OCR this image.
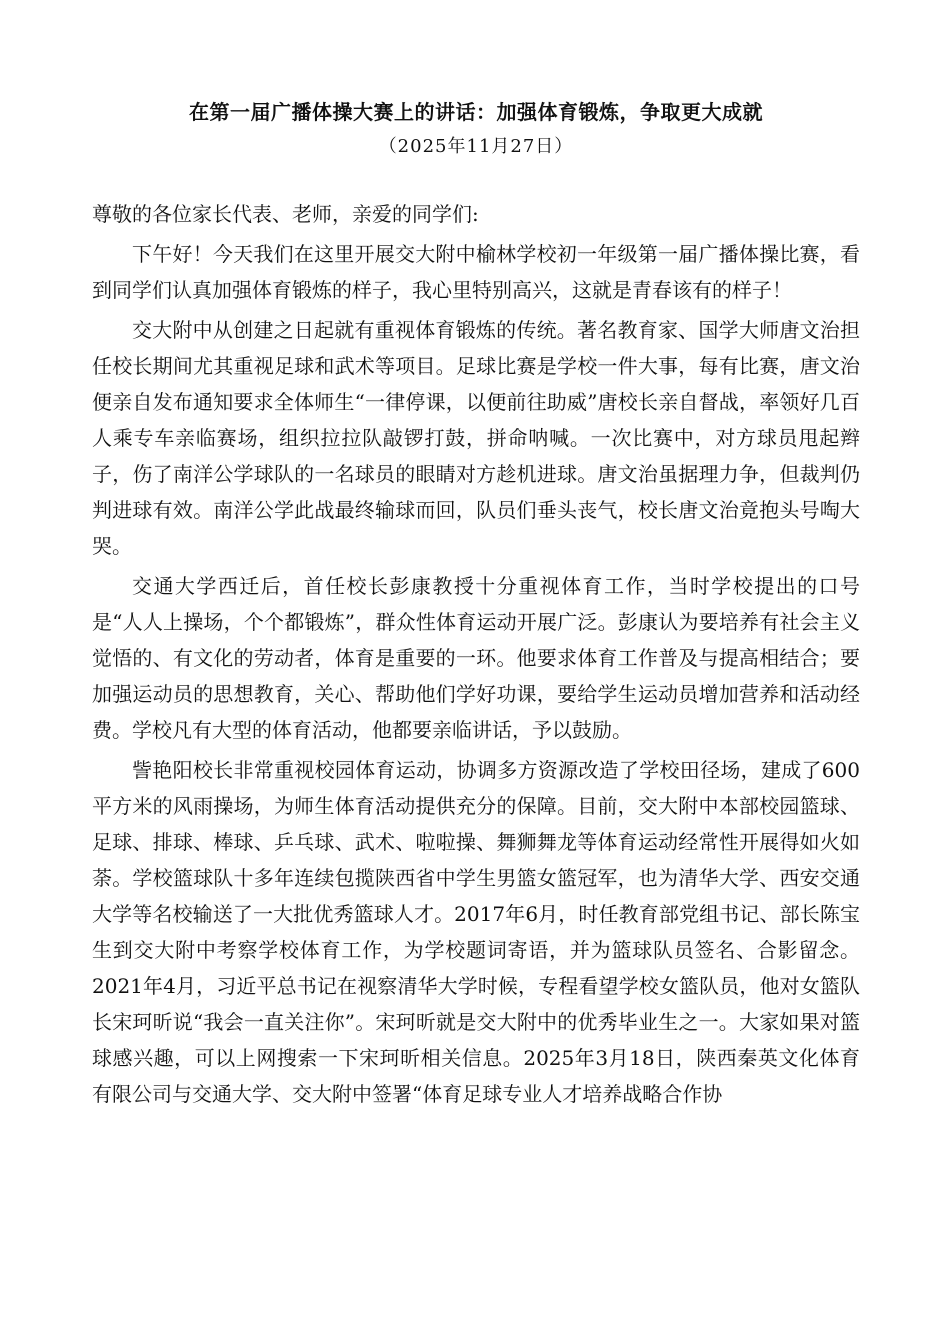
在第一届广播体操大赛上的讲话：加强体育锻炼，争取更大成就

（2025年11月27日）

尊敬的各位家长代表、老师，亲爱的同学们:

下午好！今天我们在这里开展交大附中榆林学校初一年级第一届广播体操比赛，看到同学们认真加强体育锻炼的样子，我心里特别高兴，这就是青春该有的样子！

交大附中从创建之日起就有重视体育锻炼的传统。著名教育家、国学大师唐文治担任校长期间尤其重视足球和武术等项目。足球比赛是学校一件大事，每有比赛，唐文治便亲自发布通知要求全体师生“一律停课，以便前往助威”唐校长亲自督战，率领好几百人乘专车亲临赛场，组织拉拉队敲锣打鼓，拼命呐喊。一次比赛中，对方球员甩起辫子，伤了南洋公学球队的一名球员的眼睛对方趁机进球。唐文治虽据理力争，但裁判仍判进球有效。南洋公学此战最终输球而回，队员们垂头丧气，校长唐文治竟抱头号啕大哭。

交通大学西迁后，首任校长彭康教授十分重视体育工作，当时学校提出的口号是“人人上操场，个个都锻炼”，群众性体育运动开展广泛。彭康认为要培养有社会主义觉悟的、有文化的劳动者，体育是重要的一环。他要求体育工作普及与提高相结合；要加强运动员的思想教育，关心、帮助他们学好功课，要给学生运动员增加营养和活动经费。学校凡有大型的体育活动，他都要亲临讲话，予以鼓励。

訾艳阳校长非常重视校园体育运动，协调多方资源改造了学校田径场，建成了600平方米的风雨操场，为师生体育活动提供充分的保障。目前，交大附中本部校园篮球、足球、排球、棒球、乒乓球、武术、啦啦操、舞狮舞龙等体育运动经常性开展得如火如荼。学校篮球队十多年连续包揽陕西省中学生男篮女篮冠军，也为清华大学、西安交通大学等名校输送了一大批优秀篮球人才。2017年6月，时任教育部党组书记、部长陈宝生到交大附中考察学校体育工作，为学校题词寄语，并为篮球队员签名、合影留念。2021年4月，习近平总书记在视察清华大学时候，专程看望学校女篮队员，他对女篮队长宋珂昕说“我会一直关注你”。宋珂昕就是交大附中的优秀毕业生之一。大家如果对篮球感兴趣，可以上网搜索一下宋珂昕相关信息。2025年3月18日，陕西秦英文化体育有限公司与交通大学、交大附中签署“体育足球专业人才培养战略合作协
